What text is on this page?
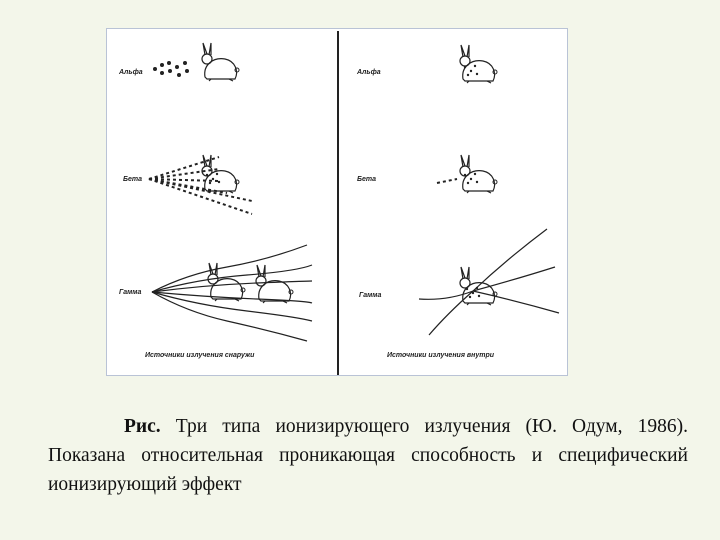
Альфа
Бета
Гамма
Источники излучения снаружи
Альфа
Бета
Гамма
Источники излучения внутри
Рис. Три типа ионизирующего излучения (Ю. Одум, 1986). Показана относительная проникающая способность и специфический ионизирующий эффект
